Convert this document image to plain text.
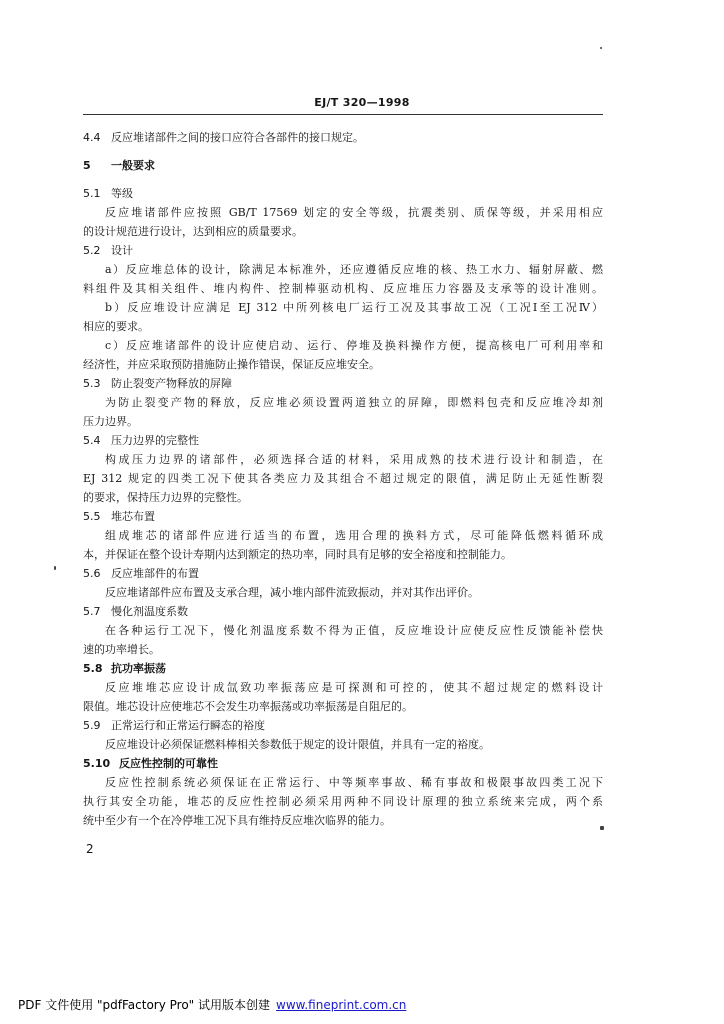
EJ/T 320—1998
4.4 反应堆诸部件之间的接口应符合各部件的接口规定。
5 一般要求
5.1 等级
反应堆诸部件应按照 GB/T 17569 划定的安全等级，抗震类别、质保等级，并采用相应
的设计规范进行设计，达到相应的质量要求。
5.2 设计
a）反应堆总体的设计，除满足本标准外，还应遵循反应堆的核、热工水力、辐射屏蔽、燃
料组件及其相关组件、堆内构件、控制棒驱动机构、反应堆压力容器及支承等的设计准则。
b）反应堆设计应满足 EJ 312 中所列核电厂运行工况及其事故工况（工况Ⅰ至工况Ⅳ）
相应的要求。
c）反应堆诸部件的设计应使启动、运行、停堆及换料操作方便，提高核电厂可利用率和
经济性，并应采取预防措施防止操作错误，保证反应堆安全。
5.3 防止裂变产物释放的屏障
为防止裂变产物的释放，反应堆必须设置两道独立的屏障，即燃料包壳和反应堆冷却剂
压力边界。
5.4 压力边界的完整性
构成压力边界的诸部件，必须选择合适的材料，采用成熟的技术进行设计和制造，在
EJ 312 规定的四类工况下使其各类应力及其组合不超过规定的限值，满足防止无延性断裂
的要求，保持压力边界的完整性。
5.5 堆芯布置
组成堆芯的诸部件应进行适当的布置，选用合理的换料方式，尽可能降低燃料循环成
本，并保证在整个设计寿期内达到额定的热功率，同时具有足够的安全裕度和控制能力。
5.6 反应堆部件的布置
反应堆诸部件应布置及支承合理，减小堆内部件流致振动，并对其作出评价。
5.7 慢化剂温度系数
在各种运行工况下，慢化剂温度系数不得为正值，反应堆设计应使反应性反馈能补偿快
速的功率增长。
5.8 抗功率振荡
反应堆堆芯应设计成氙致功率振荡应是可探测和可控的，使其不超过规定的燃料设计
限值。堆芯设计应使堆芯不会发生功率振荡或功率振荡是自阻尼的。
5.9 正常运行和正常运行瞬态的裕度
反应堆设计必须保证燃料棒相关参数低于规定的设计限值，并具有一定的裕度。
5.10 反应性控制的可靠性
反应性控制系统必须保证在正常运行、中等频率事故、稀有事故和极限事故四类工况下
执行其安全功能，堆芯的反应性控制必须采用两种不同设计原理的独立系统来完成，两个系
统中至少有一个在冷停堆工况下具有维持反应堆次临界的能力。
2
PDF 文件使用 "pdfFactory Pro" 试用版本创建 www.fineprint.com.cn
